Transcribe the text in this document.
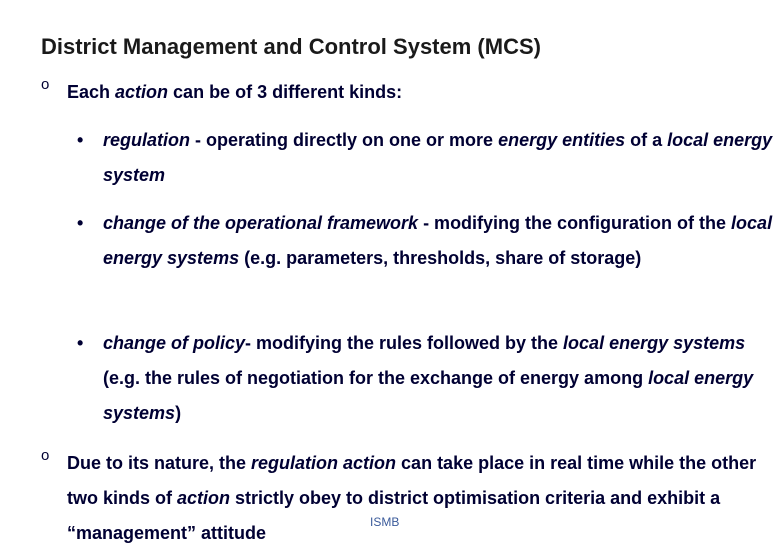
District Management and Control System (MCS)
o Each action can be of 3 different kinds:
• regulation - operating directly on one or more energy entities of a local energy system
• change of the operational framework - modifying the configuration of the local energy systems (e.g. parameters, thresholds, share of storage)
• change of policy- modifying the rules followed by the local energy systems (e.g. the rules of negotiation for the exchange of energy among local energy systems)
o Due to its nature, the regulation action can take place in real time while the other two kinds of action strictly obey to district optimisation criteria and exhibit a “management” attitude
ISMB
